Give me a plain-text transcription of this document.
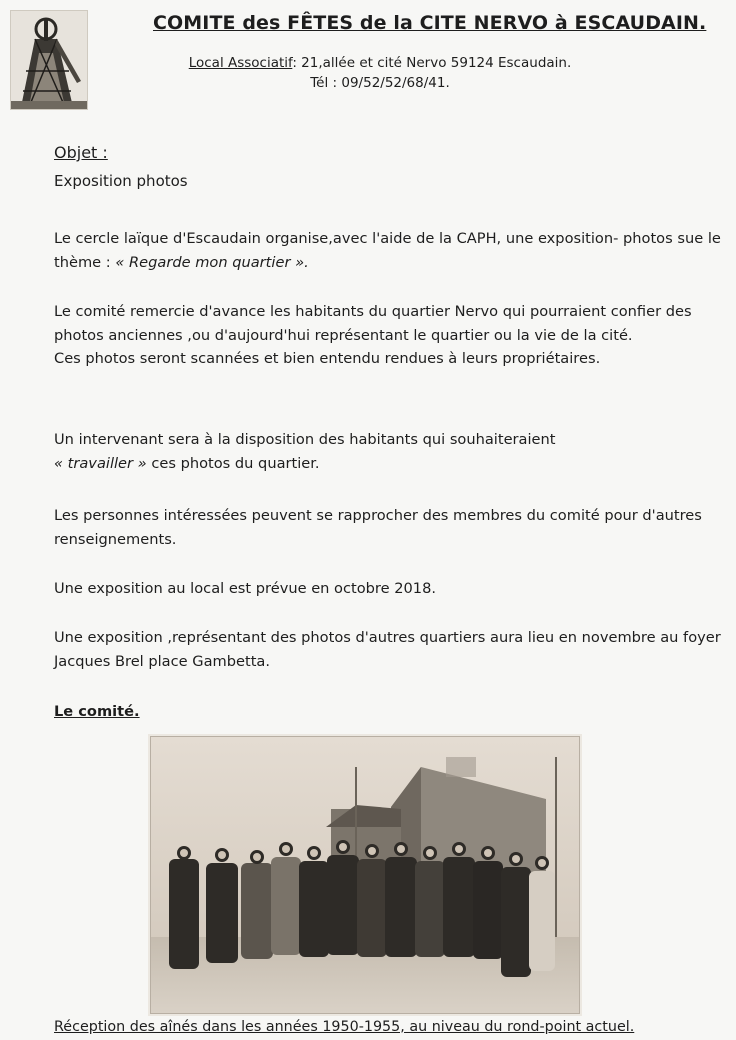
COMITE des FÊTES de la CITE NERVO à ESCAUDAIN.
Local Associatif: 21,allée et cité Nervo 59124 Escaudain.
Tél : 09/52/52/68/41.
Objet :
Exposition photos

Le cercle laïque d'Escaudain organise,avec l'aide de la CAPH, une exposition- photos sue le thème : « Regarde mon quartier ».

Le comité remercie d'avance les habitants du quartier Nervo qui pourraient confier des photos anciennes ,ou d'aujourd'hui représentant le quartier ou la vie de la cité.
Ces photos seront scannées et bien entendu rendues à leurs propriétaires.

Un intervenant sera à la disposition des habitants qui souhaiteraient
« travailler » ces photos du quartier.

Les personnes intéressées peuvent se rapprocher des membres du comité pour d'autres renseignements.

Une exposition au local est prévue en octobre 2018.

Une exposition ,représentant des photos d'autres quartiers aura lieu en novembre au foyer Jacques Brel place Gambetta.

Le comité.
Réception des aînés dans les années 1950-1955, au niveau du rond-point actuel.
